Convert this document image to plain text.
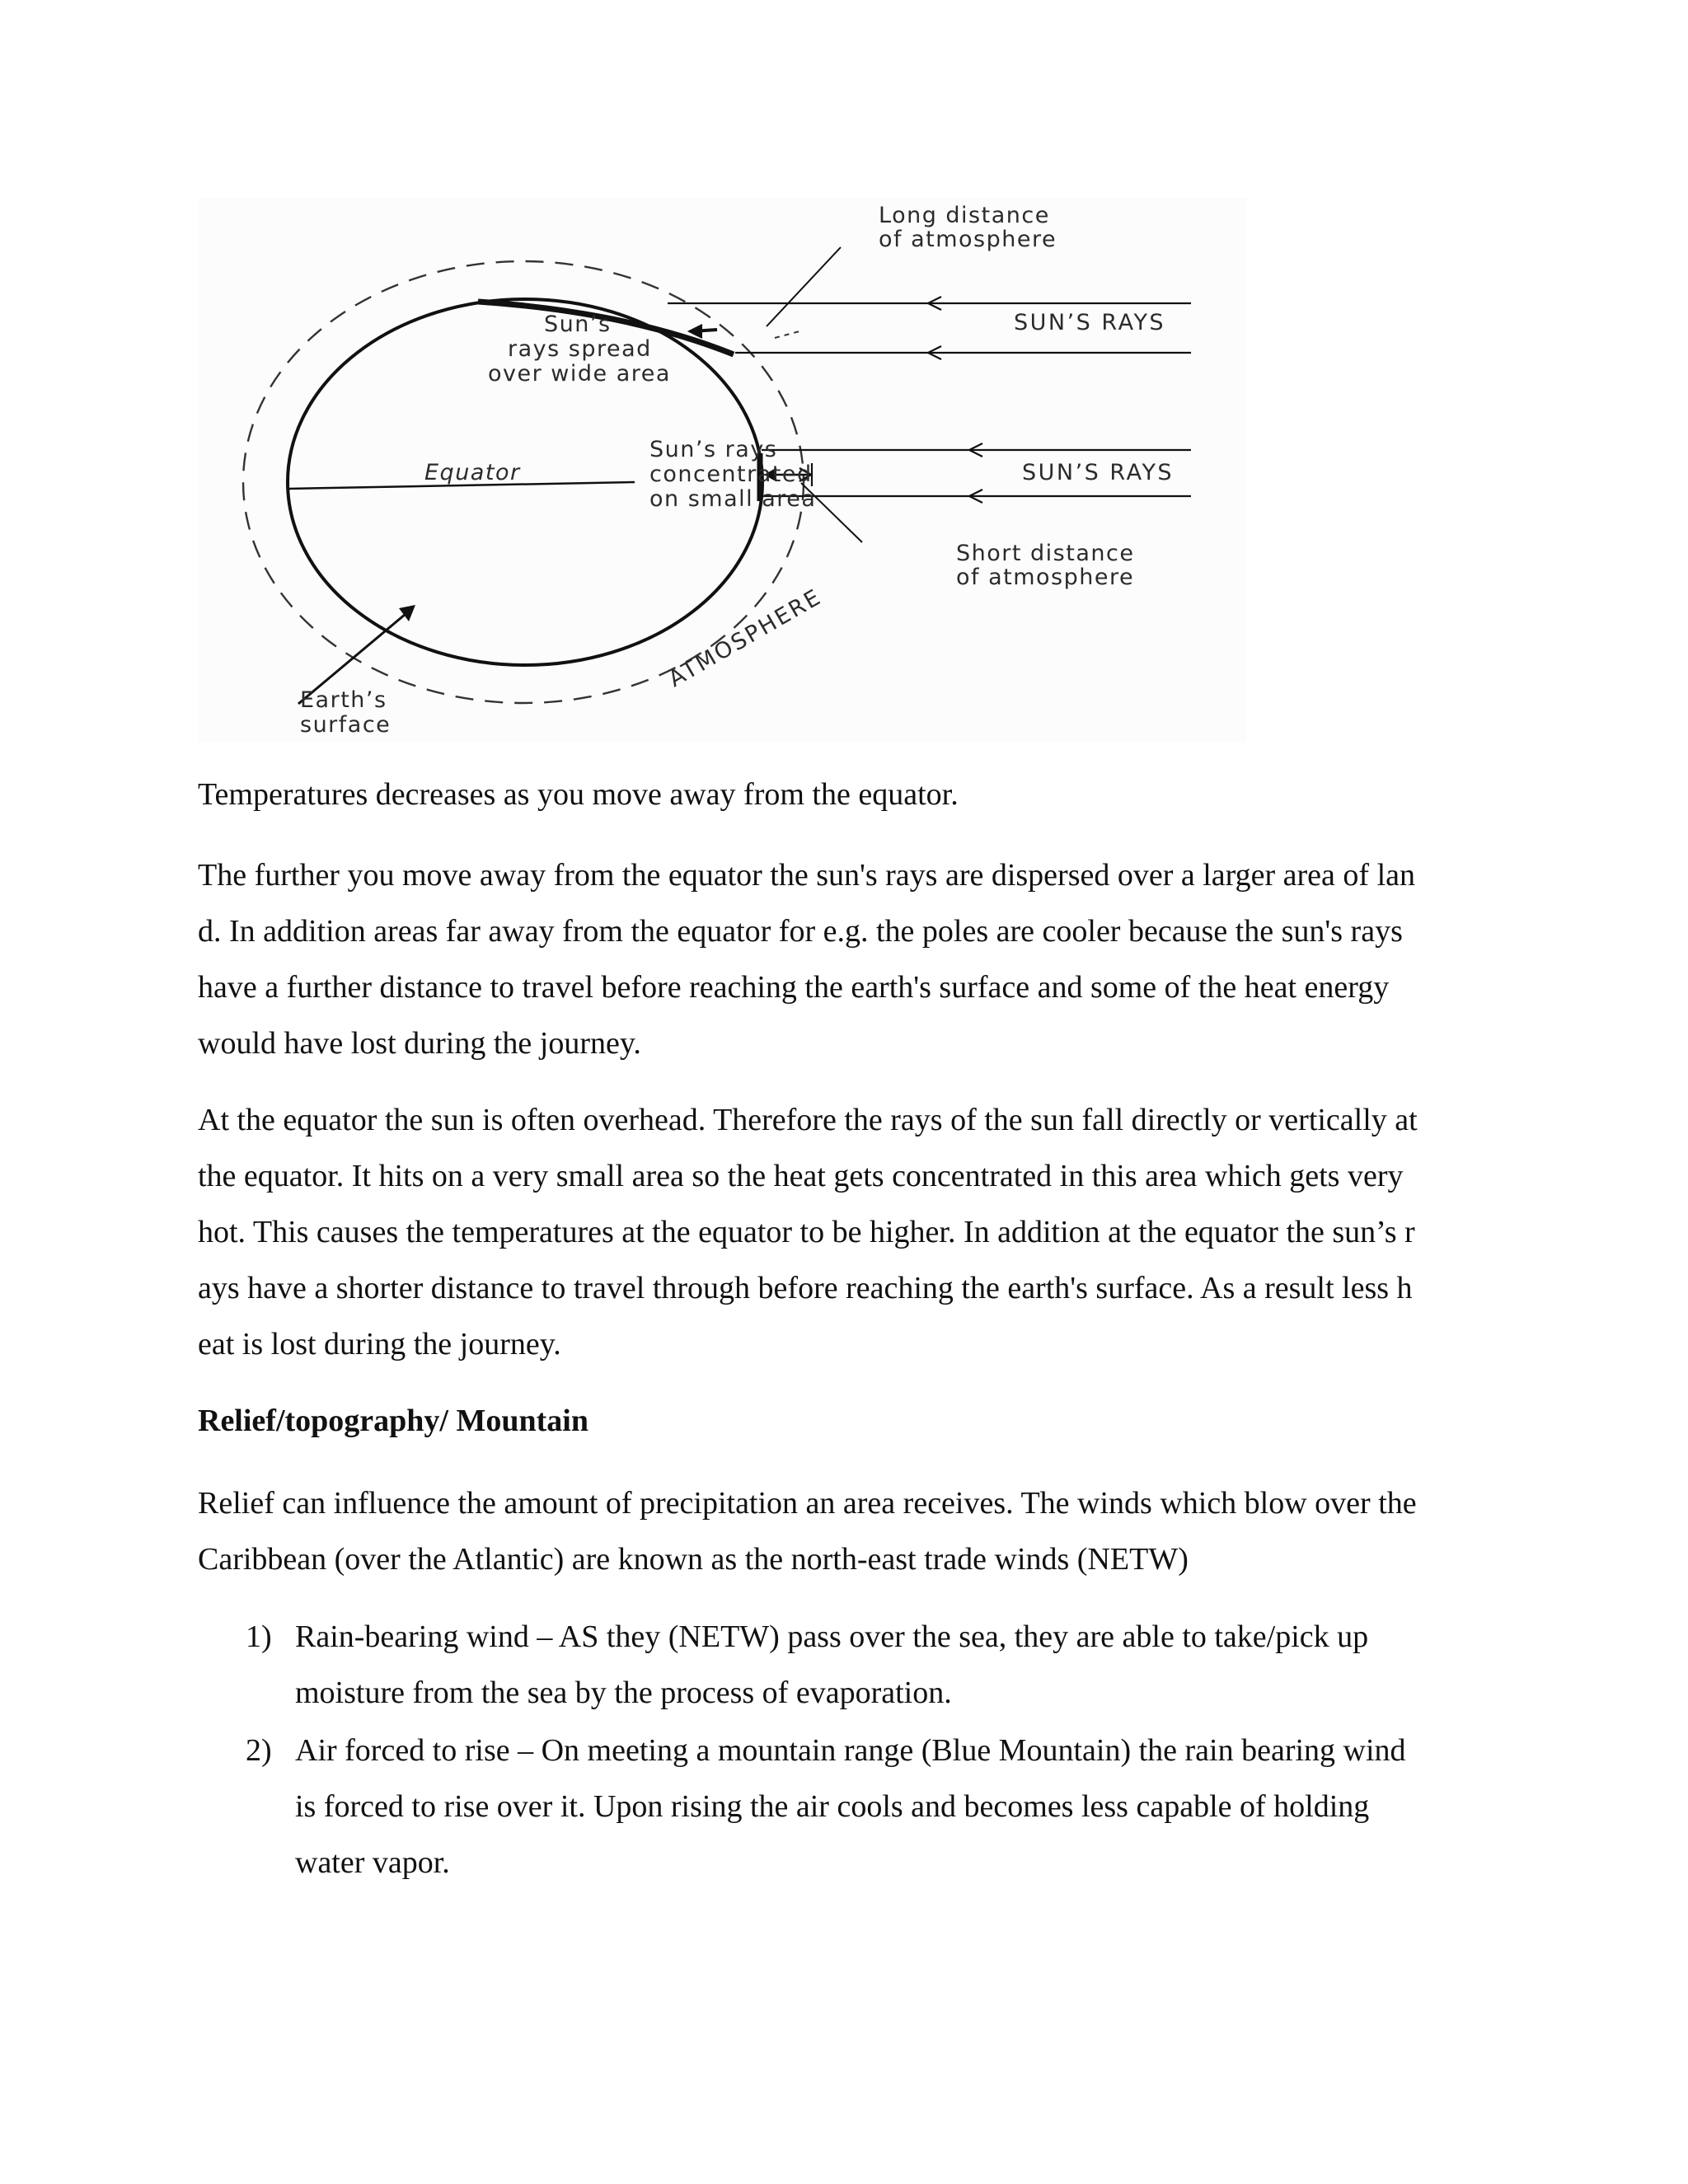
Long distance
of atmosphere
SUN’S RAYS
SUN’S RAYS
Sun’s
rays spread
over wide area
Equator
Sun’s rays
concentrated
on small area
Short distance
of atmosphere
ATMOSPHERE
Earth’s
surface

Temperatures decreases as you move away from the equator.

The further you move away from the equator the sun's rays are dispersed over a larger area of lan
d. In addition areas far away from the equator for e.g. the poles are cooler because the sun's rays
have a further distance to travel before reaching the earth's surface and some of the heat energy
would have lost during the journey.
At the equator the sun is often overhead. Therefore the rays of the sun fall directly or vertically at
the equator. It hits on a very small area so the heat gets concentrated in this area which gets very
hot. This causes the temperatures at the equator to be higher. In addition at the equator the sun’s r
ays have a shorter distance to travel through before reaching the earth's surface. As a result less h
eat is lost during the journey.
Relief/topography/ Mountain
Relief can influence the amount of precipitation an area receives. The winds which blow over the
Caribbean (over the Atlantic) are known as the north-east trade winds (NETW)
1) Rain-bearing wind – AS they (NETW) pass over the sea, they are able to take/pick up
moisture from the sea by the process of evaporation.
2) Air forced to rise – On meeting a mountain range (Blue Mountain) the rain bearing wind
is forced to rise over it. Upon rising the air cools and becomes less capable of holding
water vapor.
